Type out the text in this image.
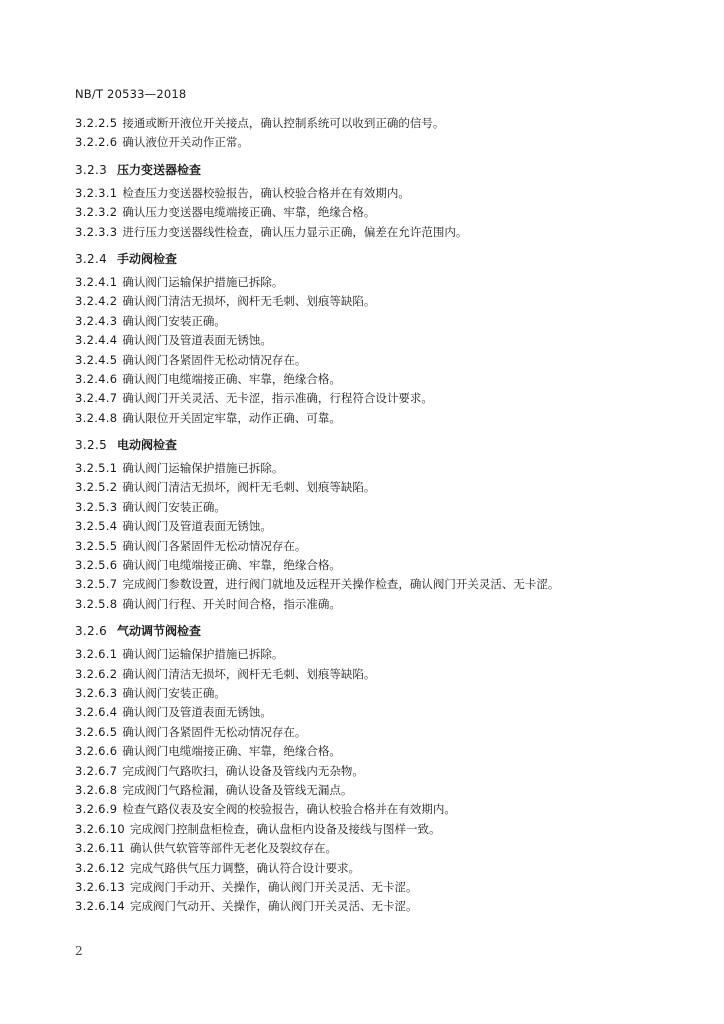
NB/T 20533—2018
3.2.2.5 接通或断开液位开关接点，确认控制系统可以收到正确的信号。
3.2.2.6 确认液位开关动作正常。
3.2.3 压力变送器检查
3.2.3.1 检查压力变送器校验报告，确认校验合格并在有效期内。
3.2.3.2 确认压力变送器电缆端接正确、牢靠，绝缘合格。
3.2.3.3 进行压力变送器线性检查，确认压力显示正确，偏差在允许范围内。
3.2.4 手动阀检查
3.2.4.1 确认阀门运输保护措施已拆除。
3.2.4.2 确认阀门清洁无损坏，阀杆无毛刺、划痕等缺陷。
3.2.4.3 确认阀门安装正确。
3.2.4.4 确认阀门及管道表面无锈蚀。
3.2.4.5 确认阀门各紧固件无松动情况存在。
3.2.4.6 确认阀门电缆端接正确、牢靠，绝缘合格。
3.2.4.7 确认阀门开关灵活、无卡涩，指示准确，行程符合设计要求。
3.2.4.8 确认限位开关固定牢靠，动作正确、可靠。
3.2.5 电动阀检查
3.2.5.1 确认阀门运输保护措施已拆除。
3.2.5.2 确认阀门清洁无损坏，阀杆无毛刺、划痕等缺陷。
3.2.5.3 确认阀门安装正确。
3.2.5.4 确认阀门及管道表面无锈蚀。
3.2.5.5 确认阀门各紧固件无松动情况存在。
3.2.5.6 确认阀门电缆端接正确、牢靠，绝缘合格。
3.2.5.7 完成阀门参数设置，进行阀门就地及远程开关操作检查，确认阀门开关灵活、无卡涩。
3.2.5.8 确认阀门行程、开关时间合格，指示准确。
3.2.6 气动调节阀检查
3.2.6.1 确认阀门运输保护措施已拆除。
3.2.6.2 确认阀门清洁无损坏，阀杆无毛刺、划痕等缺陷。
3.2.6.3 确认阀门安装正确。
3.2.6.4 确认阀门及管道表面无锈蚀。
3.2.6.5 确认阀门各紧固件无松动情况存在。
3.2.6.6 确认阀门电缆端接正确、牢靠，绝缘合格。
3.2.6.7 完成阀门气路吹扫，确认设备及管线内无杂物。
3.2.6.8 完成阀门气路检漏，确认设备及管线无漏点。
3.2.6.9 检查气路仪表及安全阀的校验报告，确认校验合格并在有效期内。
3.2.6.10 完成阀门控制盘柜检查，确认盘柜内设备及接线与图样一致。
3.2.6.11 确认供气软管等部件无老化及裂纹存在。
3.2.6.12 完成气路供气压力调整，确认符合设计要求。
3.2.6.13 完成阀门手动开、关操作，确认阀门开关灵活、无卡涩。
3.2.6.14 完成阀门气动开、关操作，确认阀门开关灵活、无卡涩。
2
